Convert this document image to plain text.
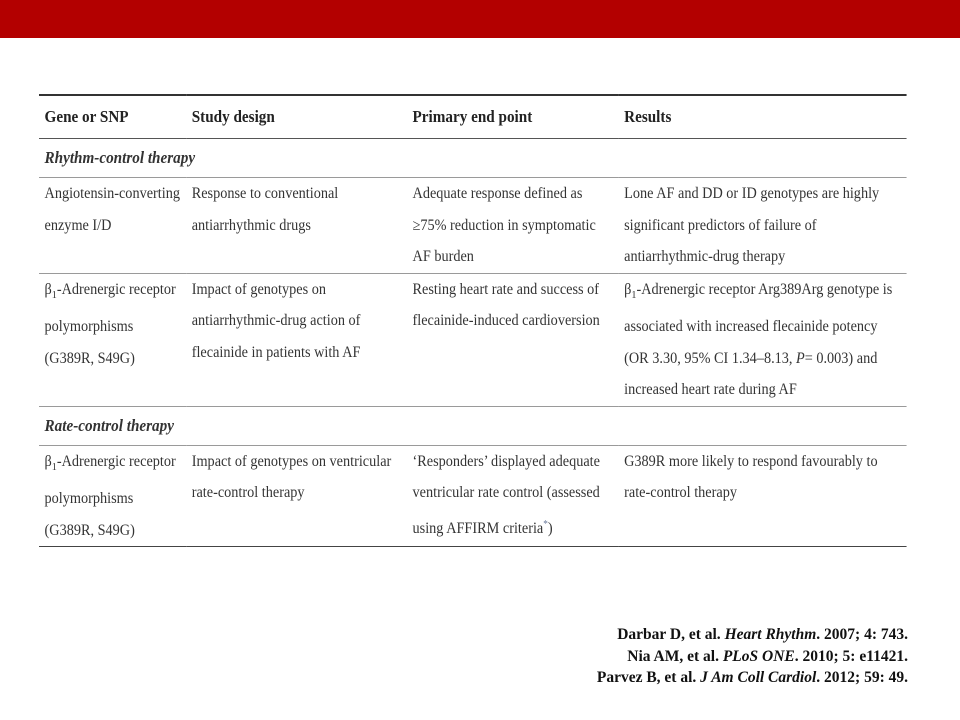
Gene or SNP	Study design	Primary end point	Results
Rhythm-control therapy			
Angiotensin-converting enzyme I/D	Response to conventional antiarrhythmic drugs	Adequate response defined as ≥75% reduction in symptomatic AF burden	Lone AF and DD or ID genotypes are highly significant predictors of failure of antiarrhythmic-drug therapy
$\beta_1$-Adrenergic receptor polymorphisms (G389R, S49G)	Impact of genotypes on antiarrhythmic-drug action of flecainide in patients with AF	Resting heart rate and success of flecainide-induced cardioversion	$\beta_1$-Adrenergic receptor Arg389Arg genotype is associated with increased flecainide potency (OR 3.30, 95% CI 1.34–8.13, P= 0.003) and increased heart rate during AF
Rate-control therapy			
$\beta_1$-Adrenergic receptor polymorphisms (G389R, S49G)	Impact of genotypes on ventricular rate-control therapy	‘Responders’ displayed adequate ventricular rate control (assessed using AFFIRM criteria*)	G389R more likely to respond favourably to rate-control therapy
Darbar D, et al. Heart Rhythm. 2007; 4: 743.
Nia AM, et al. PLoS ONE. 2010; 5: e11421.
Parvez B, et al. J Am Coll Cardiol. 2012; 59: 49.
